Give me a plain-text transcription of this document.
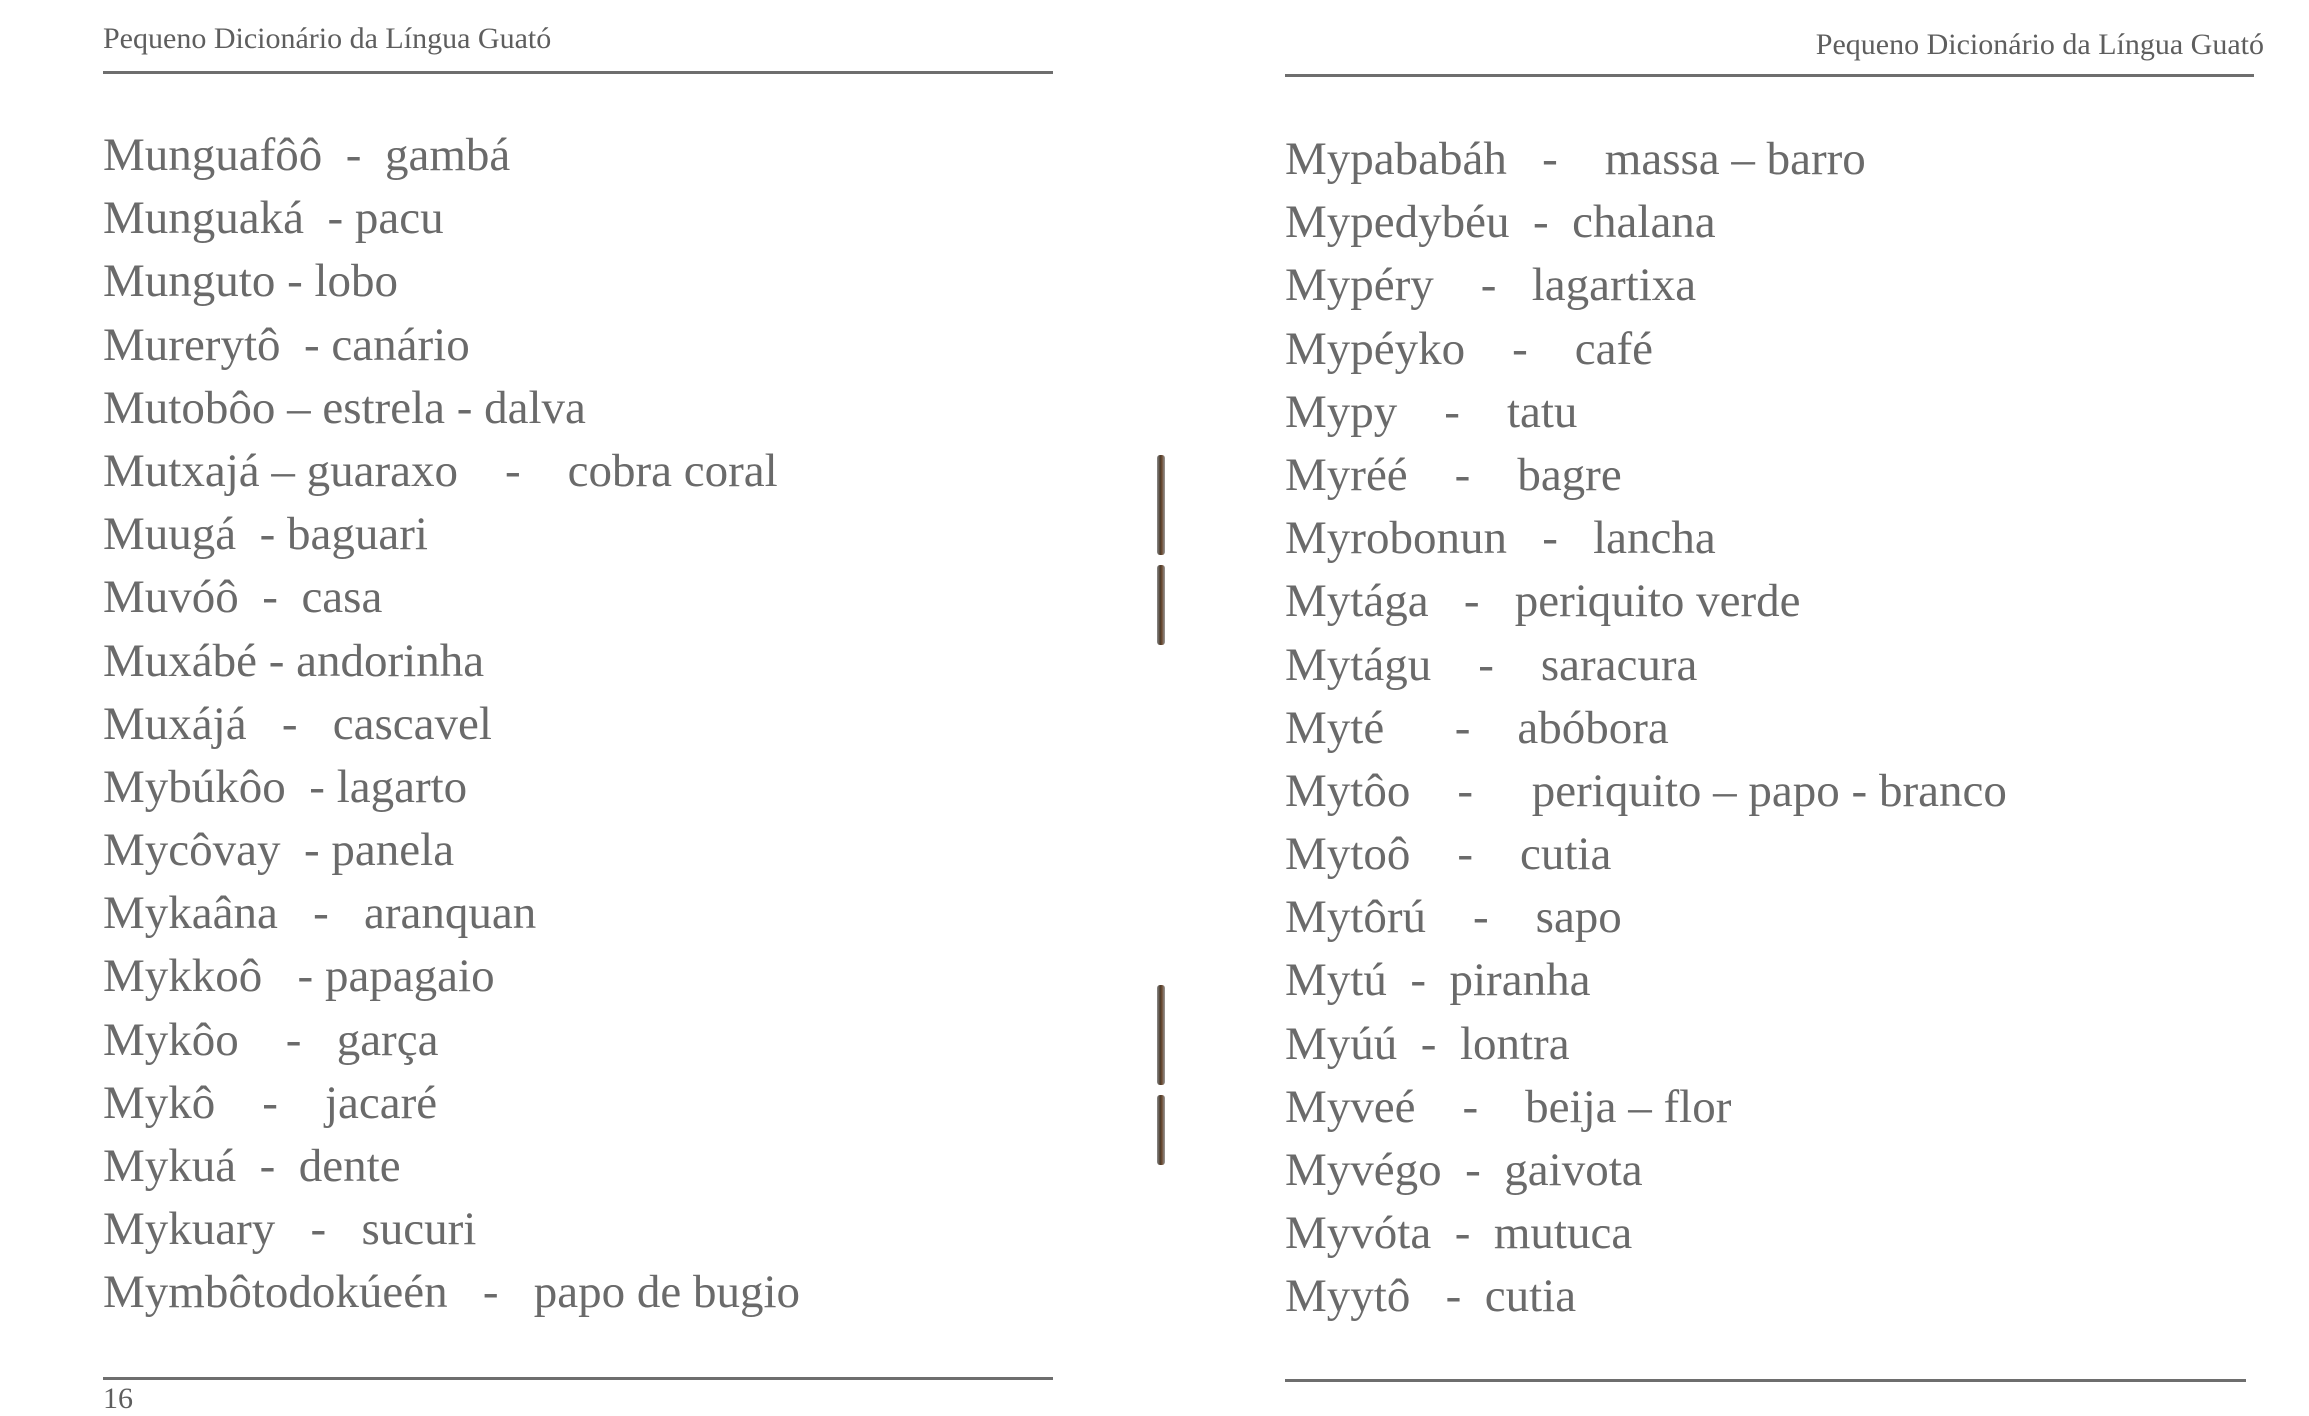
Pequeno Dicionário da Língua Guató
Munguafôô  -  gambá
Munguaká  - pacu
Munguto - lobo
Murerytô  - canário
Mutobôo – estrela - dalva
Mutxajá – guaraxo    -    cobra coral
Muugá  - baguari
Muvóô  -  casa
Muxábé - andorinha
Muxájá   -   cascavel
Mybúkôo  - lagarto
Mycôvay  - panela
Mykaâna   -   aranquan
Mykkoô   - papagaio
Mykôo    -   garça
Mykô    -    jacaré
Mykuá  -  dente
Mykuary   -   sucuri
Mymbôtodokúeén   -   papo de bugio
16
Pequeno Dicionário da Língua Guató
Mypababáh   -    massa – barro
Mypedybéu  -  chalana
Mypéry    -   lagartixa
Mypéyko    -    café
Mypy    -    tatu
Myréé    -    bagre
Myrobonun   -   lancha
Mytága   -   periquito verde
Mytágu    -    saracura
Myté      -    abóbora
Mytôo    -     periquito – papo - branco
Mytoô    -    cutia
Mytôrú    -    sapo
Mytú  -  piranha
Myúú  -  lontra
Myveé    -    beija – flor
Myvégo  -  gaivota
Myvóta  -  mutuca
Myytô   -  cutia
